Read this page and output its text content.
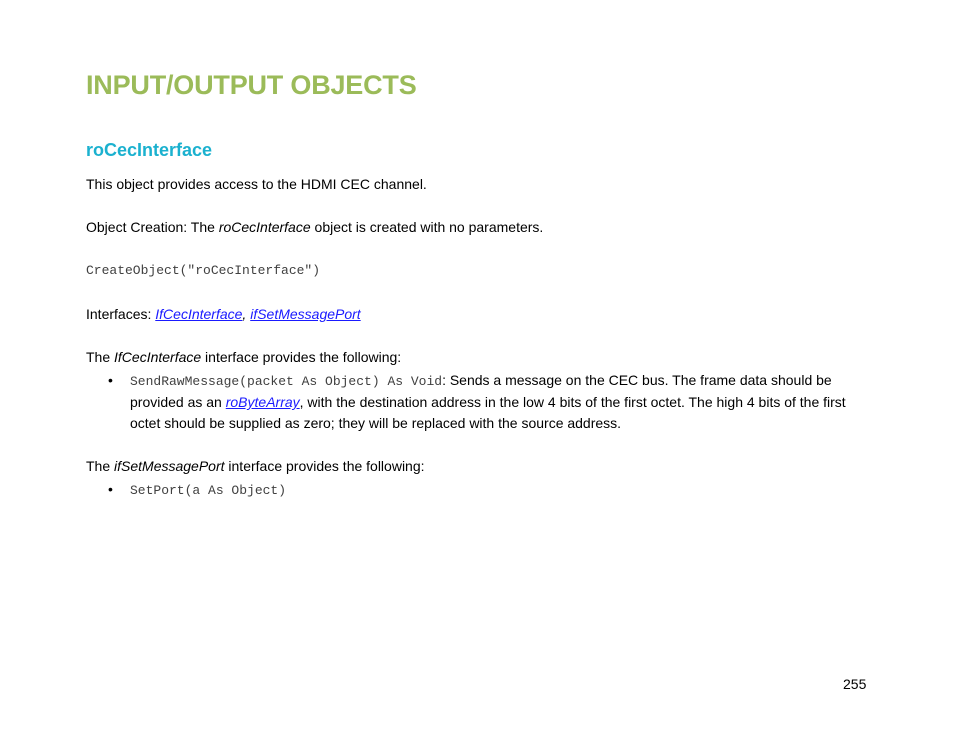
INPUT/OUTPUT OBJECTS
roCecInterface

This object provides access to the HDMI CEC channel.

Object Creation: The roCecInterface object is created with no parameters.

CreateObject("roCecInterface")

Interfaces: IfCecInterface, ifSetMessagePort

The IfCecInterface interface provides the following:

• SendRawMessage(packet As Object) As Void: Sends a message on the CEC bus. The frame data should be provided as an roByteArray, with the destination address in the low 4 bits of the first octet. The high 4 bits of the first octet should be supplied as zero; they will be replaced with the source address.

The ifSetMessagePort interface provides the following:

• SetPort(a As Object)
255
